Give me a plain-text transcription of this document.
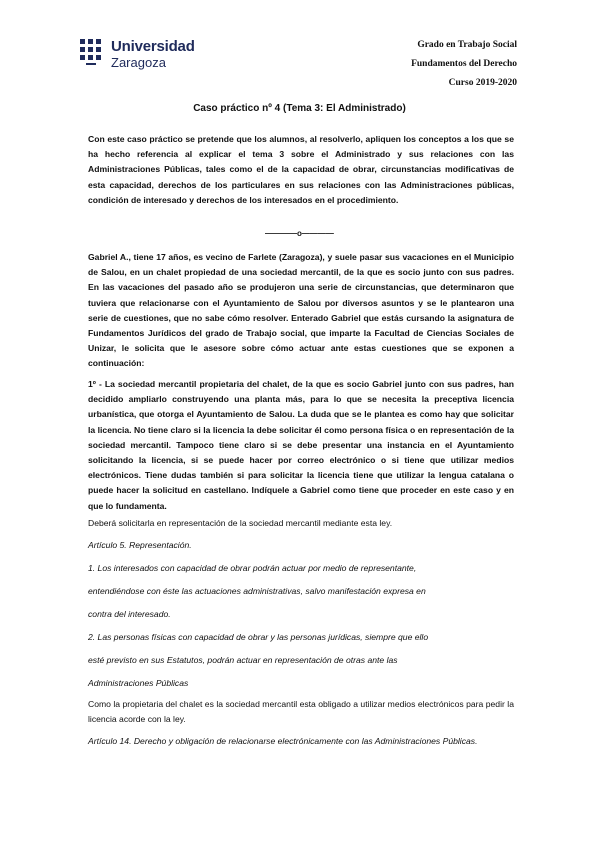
Universidad
Zaragoza
Grado en Trabajo Social
Fundamentos del Derecho
Curso 2019-2020
Caso práctico nº 4 (Tema 3: El Administrado)
Con este caso práctico se pretende que los alumnos, al resolverlo, apliquen los conceptos a los que se ha hecho referencia al explicar el tema 3 sobre el Administrado y sus relaciones con las Administraciones Públicas, tales como el de la capacidad de obrar, circunstancias modificativas de esta capacidad, derechos de los particulares en sus relaciones con las Administraciones públicas, condición de interesado y derechos de los interesados en el procedimiento.
————o————
Gabriel A., tiene 17 años, es vecino de Farlete (Zaragoza), y suele pasar sus vacaciones en el Municipio de Salou, en un chalet propiedad de una sociedad mercantil, de la que es socio junto con sus padres. En las vacaciones del pasado año se produjeron una serie de circunstancias, que determinaron que tuviera que relacionarse con el Ayuntamiento de Salou por diversos asuntos y se le plantearon una serie de cuestiones, que no sabe cómo resolver. Enterado Gabriel que estás cursando la asignatura de Fundamentos Jurídicos del grado de Trabajo social, que imparte la Facultad de Ciencias Sociales de Unizar, le solicita que le asesore sobre cómo actuar ante estas cuestiones que se exponen a continuación:
1º - La sociedad mercantil propietaria del chalet, de la que es socio Gabriel junto con sus padres, han decidido ampliarlo construyendo una planta más, para lo que se necesita la preceptiva licencia urbanística, que otorga el Ayuntamiento de Salou. La duda que se le plantea es como hay que solicitar la licencia. No tiene claro si la licencia la debe solicitar él como persona física o en representación de la sociedad mercantil. Tampoco tiene claro si se debe presentar una instancia en el Ayuntamiento solicitando la licencia, si se puede hacer por correo electrónico o si tiene que utilizar medios electrónicos. Tiene dudas también si para solicitar la licencia tiene que utilizar la lengua catalana o puede hacer la solicitud en castellano. Indíquele a Gabriel como tiene que proceder en este caso y en que lo fundamenta.
Deberá solicitarla en representación de la sociedad mercantil mediante esta ley.
Artículo 5. Representación.
1. Los interesados con capacidad de obrar podrán actuar por medio de representante,
entendiéndose con éste las actuaciones administrativas, salvo manifestación expresa en
contra del interesado.
2. Las personas físicas con capacidad de obrar y las personas jurídicas, siempre que ello
esté previsto en sus Estatutos, podrán actuar en representación de otras ante las
Administraciones Públicas
Como la propietaria del chalet es la sociedad mercantil esta obligado a utilizar medios electrónicos para pedir la licencia acorde con la ley.
Artículo 14. Derecho y obligación de relacionarse electrónicamente con las Administraciones Públicas.
